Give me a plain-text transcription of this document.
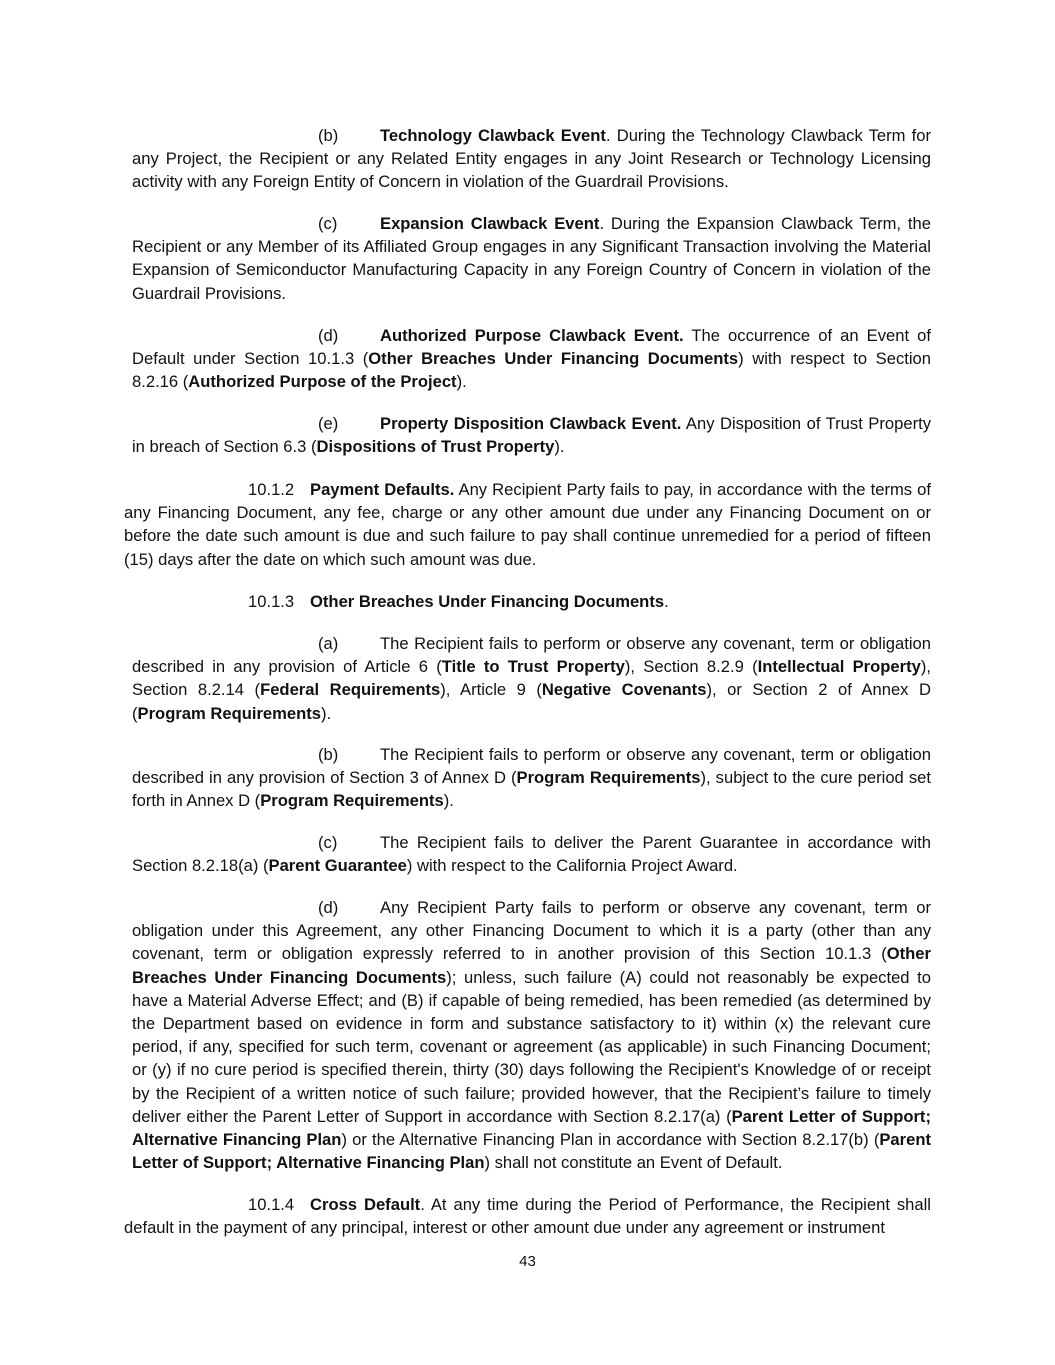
(b)	Technology Clawback Event. During the Technology Clawback Term for any Project, the Recipient or any Related Entity engages in any Joint Research or Technology Licensing activity with any Foreign Entity of Concern in violation of the Guardrail Provisions.

(c)	Expansion Clawback Event. During the Expansion Clawback Term, the Recipient or any Member of its Affiliated Group engages in any Significant Transaction involving the Material Expansion of Semiconductor Manufacturing Capacity in any Foreign Country of Concern in violation of the Guardrail Provisions.

(d)	Authorized Purpose Clawback Event. The occurrence of an Event of Default under Section 10.1.3 (Other Breaches Under Financing Documents) with respect to Section 8.2.16 (Authorized Purpose of the Project).

(e)	Property Disposition Clawback Event. Any Disposition of Trust Property in breach of Section 6.3 (Dispositions of Trust Property).

10.1.2 Payment Defaults. Any Recipient Party fails to pay, in accordance with the terms of any Financing Document, any fee, charge or any other amount due under any Financing Document on or before the date such amount is due and such failure to pay shall continue unremedied for a period of fifteen (15) days after the date on which such amount was due.

10.1.3 Other Breaches Under Financing Documents.

(a)	The Recipient fails to perform or observe any covenant, term or obligation described in any provision of Article 6 (Title to Trust Property), Section 8.2.9 (Intellectual Property), Section 8.2.14 (Federal Requirements), Article 9 (Negative Covenants), or Section 2 of Annex D (Program Requirements).

(b)	The Recipient fails to perform or observe any covenant, term or obligation described in any provision of Section 3 of Annex D (Program Requirements), subject to the cure period set forth in Annex D (Program Requirements).

(c)	The Recipient fails to deliver the Parent Guarantee in accordance with Section 8.2.18(a) (Parent Guarantee) with respect to the California Project Award.

(d)	Any Recipient Party fails to perform or observe any covenant, term or obligation under this Agreement, any other Financing Document to which it is a party (other than any covenant, term or obligation expressly referred to in another provision of this Section 10.1.3 (Other Breaches Under Financing Documents); unless, such failure (A) could not reasonably be expected to have a Material Adverse Effect; and (B) if capable of being remedied, has been remedied (as determined by the Department based on evidence in form and substance satisfactory to it) within (x) the relevant cure period, if any, specified for such term, covenant or agreement (as applicable) in such Financing Document; or (y) if no cure period is specified therein, thirty (30) days following the Recipient's Knowledge of or receipt by the Recipient of a written notice of such failure; provided however, that the Recipient’s failure to timely deliver either the Parent Letter of Support in accordance with Section 8.2.17(a) (Parent Letter of Support; Alternative Financing Plan) or the Alternative Financing Plan in accordance with Section 8.2.17(b) (Parent Letter of Support; Alternative Financing Plan) shall not constitute an Event of Default.

10.1.4 Cross Default. At any time during the Period of Performance, the Recipient shall default in the payment of any principal, interest or other amount due under any agreement or instrument

43
